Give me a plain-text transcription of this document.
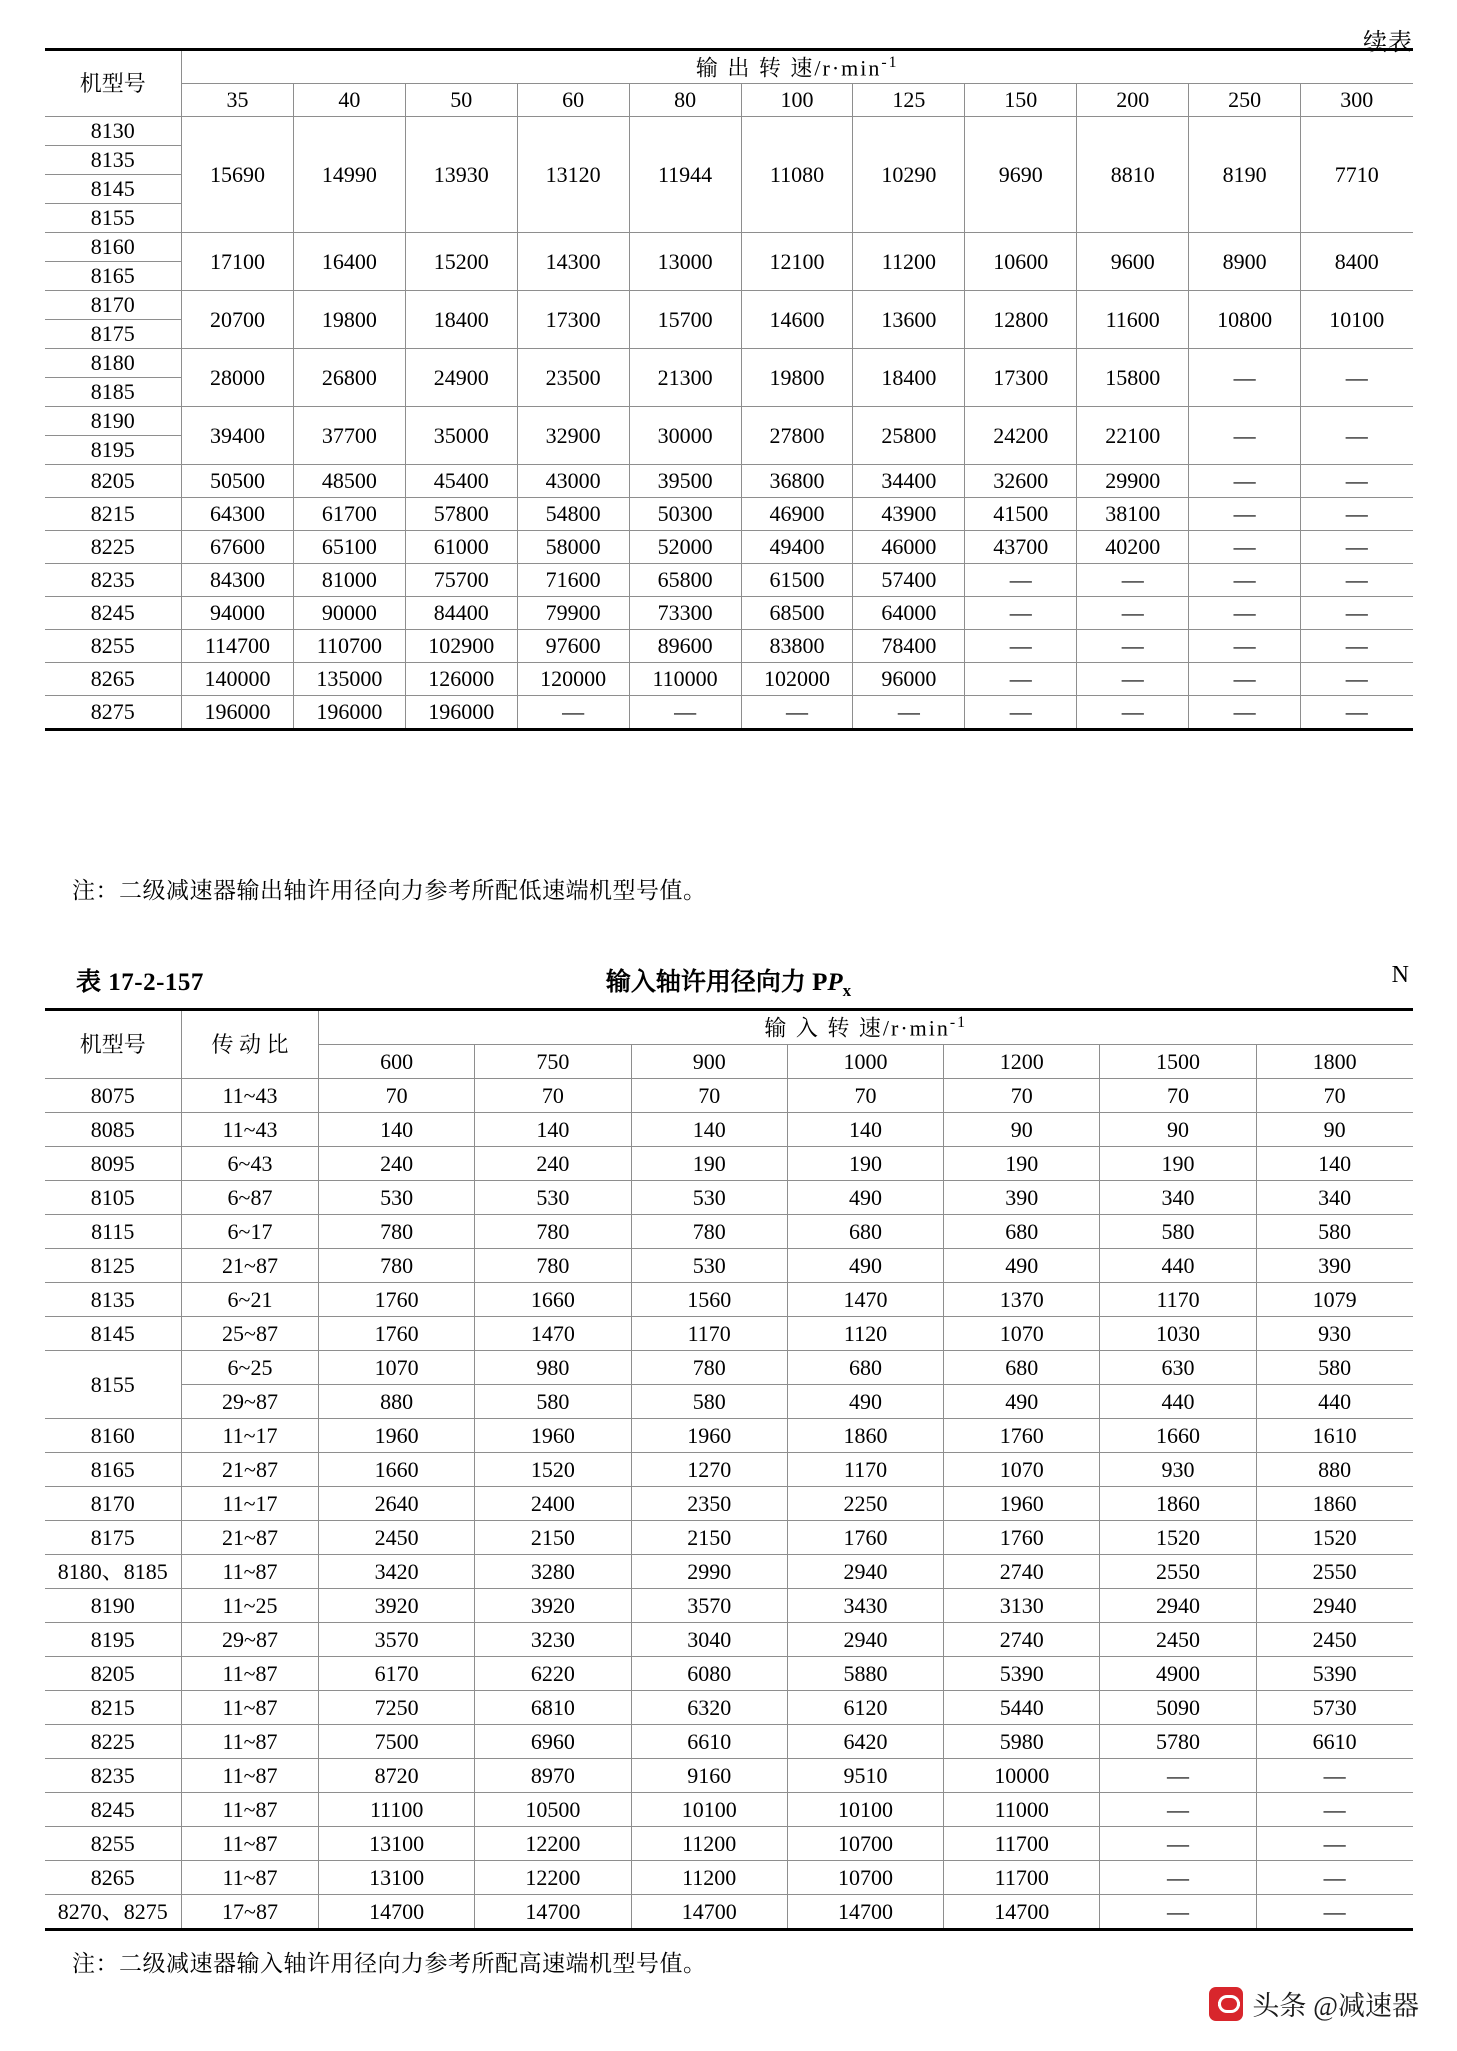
续表
机型号	输 出 转 速$/r\cdot\min^{-1}$
	35	40	50	60	80	100	125	150	200	250	300
8130	15690	14990	13930	13120	11944	11080	10290	9690	8810	8190	7710
8135											
8145											
8155											
8160	17100	16400	15200	14300	13000	12100	11200	10600	9600	8900	8400
8165											
8170	20700	19800	18400	17300	15700	14600	13600	12800	11600	10800	10100
8175											
8180	28000	26800	24900	23500	21300	19800	18400	17300	15800	—	—
8185											
8190	39400	37700	35000	32900	30000	27800	25800	24200	22100	—	—
8195											
8205	50500	48500	45400	43000	39500	36800	34400	32600	29900	—	—
8215	64300	61700	57800	54800	50300	46900	43900	41500	38100	—	—
8225	67600	65100	61000	58000	52000	49400	46000	43700	40200	—	—
8235	84300	81000	75700	71600	65800	61500	57400	—	—	—	—
8245	94000	90000	84400	79900	73300	68500	64000	—	—	—	—
8255	114700	110700	102900	97600	89600	83800	78400	—	—	—	—
8265	140000	135000	126000	120000	110000	102000	96000	—	—	—	—
8275	196000	196000	196000	—	—	—	—	—	—	—	—
注：二级减速器输出轴许用径向力参考所配低速端机型号值。
表 17-2-157	输入轴许用径向力 $PP_x$
N
机型号	传 动 比	输 入 转 速$/r\cdot\min^{-1}$
		600	750	900	1000	1200	1500	1800
8075	11~43	70	70	70	70	70	70	70
8085	11~43	140	140	140	140	90	90	90
8095	6~43	240	240	190	190	190	190	140
8105	6~87	530	530	530	490	390	340	340
8115	6~17	780	780	780	680	680	580	580
8125	21~87	780	780	530	490	490	440	390
8135	6~21	1760	1660	1560	1470	1370	1170	1079
8145	25~87	1760	1470	1170	1120	1070	1030	930
8155	6~25	1070	980	780	680	680	630	580
	29~87	880	580	580	490	490	440	440
8160	11~17	1960	1960	1960	1860	1760	1660	1610
8165	21~87	1660	1520	1270	1170	1070	930	880
8170	11~17	2640	2400	2350	2250	1960	1860	1860
8175	21~87	2450	2150	2150	1760	1760	1520	1520
8180、8185	11~87	3420	3280	2990	2940	2740	2550	2550
8190	11~25	3920	3920	3570	3430	3130	2940	2940
8195	29~87	3570	3230	3040	2940	2740	2450	2450
8205	11~87	6170	6220	6080	5880	5390	4900	5390
8215	11~87	7250	6810	6320	6120	5440	5090	5730
8225	11~87	7500	6960	6610	6420	5980	5780	6610
8235	11~87	8720	8970	9160	9510	10000	—	—
8245	11~87	11100	10500	10100	10100	11000	—	—
8255	11~87	13100	12200	11200	10700	11700	—	—
8265	11~87	13100	12200	11200	10700	11700	—	—
8270、8275	17~87	14700	14700	14700	14700	14700	—	—
注：二级减速器输入轴许用径向力参考所配高速端机型号值。
头条 @减速器
